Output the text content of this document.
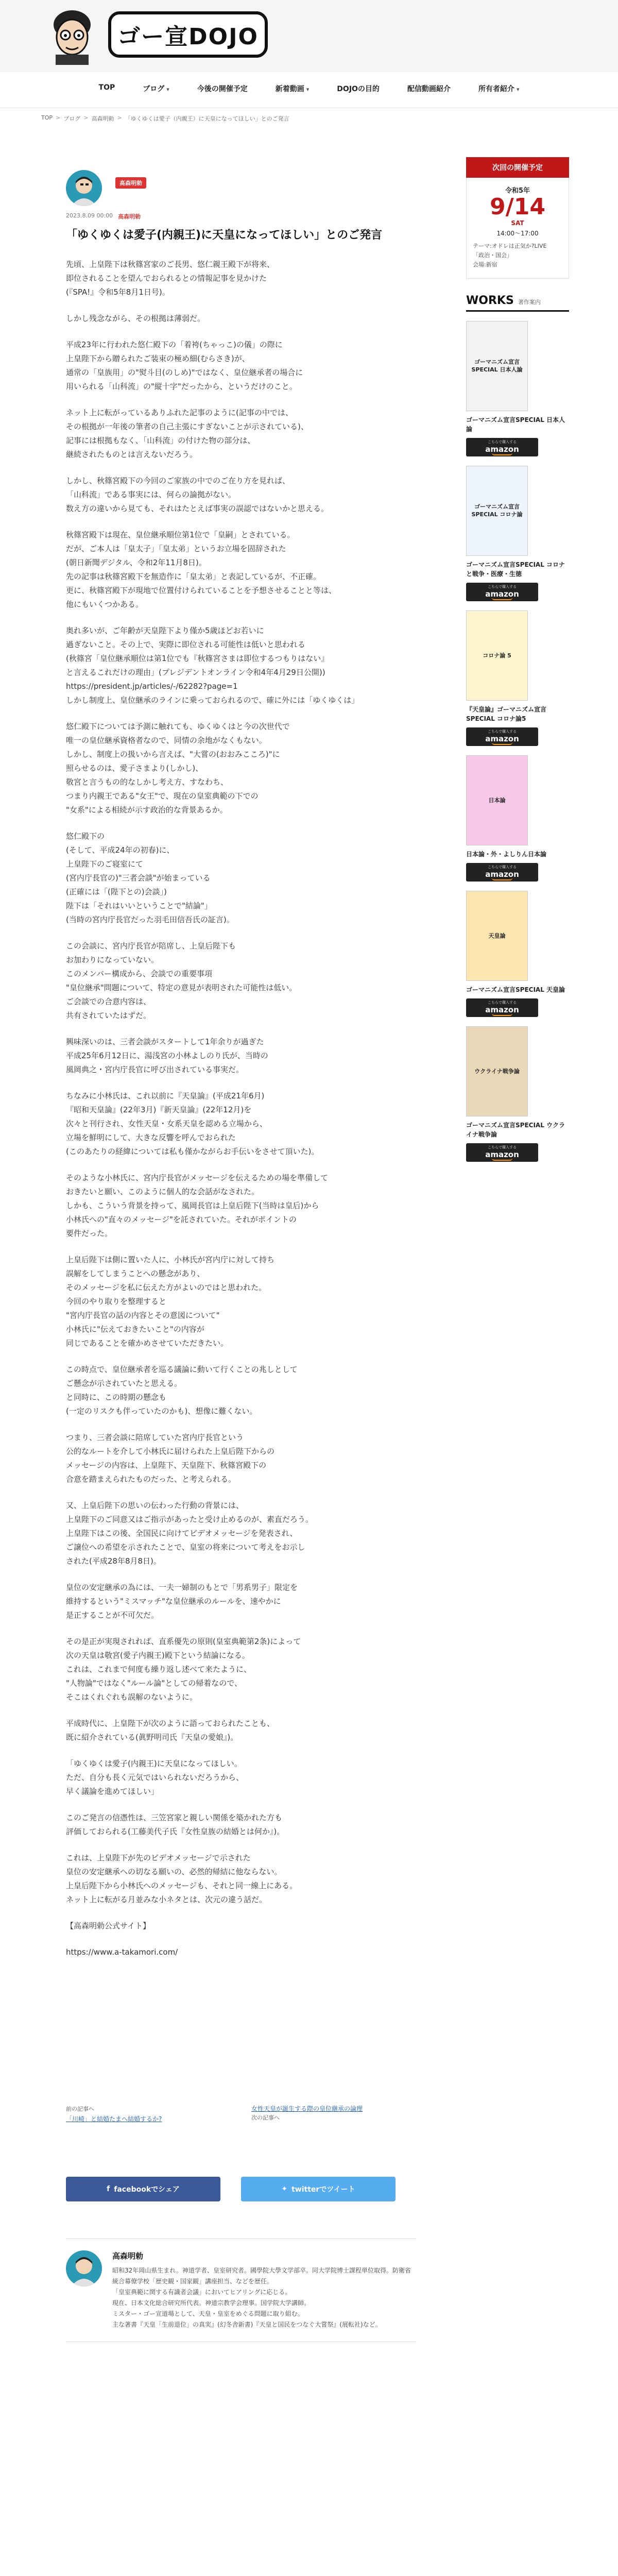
ゴー宣DOJO
TOP	ブログ ▾	今後の開催予定	新着動画 ▾	DOJOの目的	配信動画紹介	所有者紹介 ▾
TOP > ブログ > 高森明勅 > 「ゆくゆくは愛子（内親王）に天皇になってほしい」とのご発言
高森明勅
2023.8.09 00:00 高森明勅
「ゆくゆくは愛子(内親王)に天皇になってほしい」とのご発言

先頃、上皇陛下は秋篠宮家のご長男、悠仁親王殿下が将来、
即位されることを望んでおられるとの情報記事を見かけた
(『SPA!』令和5年8月1日号)。

しかし残念ながら、その根拠は薄弱だ。

平成23年に行われた悠仁殿下の「着袴(ちゃっこ)の儀」の際に
上皇陛下から贈られたご装束の極め細(むらさき)が、
通常の「皇族用」の"熨斗目(のしめ)"ではなく、皇位継承者の場合に
用いられる「山科流」の"縦十字"だったから、というだけのこと。

ネット上に転がっているありふれた記事のように(記事の中では、
その根拠が一年後の筆者の自己主張にすぎないことが示されている)、
記事には根拠もなく、「山科流」の付けた物の部分は、
継続されたものとは言えないだろう。

しかし、秋篠宮殿下の今回のご家族の中でのご在り方を見れば、
「山科流」である事実には、何らの論拠がない。
数え方の違いから見ても、それはたとえば事実の誤認ではないかと思える。

秋篠宮殿下は現在、皇位継承順位第1位で「皇嗣」とされている。
だが、ご本人は「皇太子」「皇太弟」というお立場を固辞された
(朝日新聞デジタル、令和2年11月8日)。
先の記事は秋篠宮殿下を無造作に「皇太弟」と表記しているが、不正確。
更に、秋篠宮殿下が現地で位置付けられていることを予想させることと等は、
他にもいくつかある。

奥れ多いが、ご年齢が天皇陛下より僅か5歳ほどお若いに
過ぎないこと。その上で、実際に即位される可能性は低いと思われる
(秋篠宮「皇位継承順位は第1位でも『秋篠宮さまは即位するつもりはない』
と言えるこれだけの理由」(プレジデントオンライン令和4年4月29日公開))
https://president.jp/articles/-/62282?page=1
しかし制度上、皇位継承のラインに乗っておられるので、確に外には「ゆくゆくは」

悠仁殿下については予測に触れても、ゆくゆくはと今の次世代で
唯一の皇位継承資格者なので、同情の余地がなくもない。
しかし、制度上の扱いから言えば、"大嘗の(おおみこころ)"に
照らせるのは、愛子さまより(しかし)、
敬宮と言うもの的なしかし考え方、すなわち、
つまり内親王である"女王"で、現在の皇室典範の下での
"女系"による相続が示す政治的な背景あるか。

悠仁殿下の
(そして、平成24年の初春)に、
上皇陛下のご寝室にて
(宮内庁長官の)"三者会談"が始まっている
(正確には「(陛下との)会談」)
陛下は「それはいいということで"結論"」
(当時の宮内庁長官だった羽毛田信吾氏の証言)。

この会談に、宮内庁長官が陪席し、上皇后陛下も
お加わりになっていない。
このメンバー構成から、会談での重要事項
"皇位継承"問題について、特定の意見が表明された可能性は低い。
ご会談での合意内容は、
共有されていたはずだ。

興味深いのは、三者会談がスタートして1年余りが過ぎた
平成25年6月12日に、湯浅宮の小林よしのり氏が、当時の
風岡典之・宮内庁長官に呼び出されている事実だ。

ちなみに小林氏は、これ以前に『天皇論』(平成21年6月)
『昭和天皇論』(22年3月)『新天皇論』(22年12月)を
次々と刊行され、女性天皇・女系天皇を認める立場から、
立場を鮮明にして、大きな反響を呼んでおられた
(このあたりの経緯については私も僅かながらお手伝いをさせて頂いた)。

そのような小林氏に、宮内庁長官がメッセージを伝えるための場を準備して
おきたいと願い、このように個人的な会話がなされた。
しかも、こういう背景を持って、風岡長官は上皇后陛下(当時は皇后)から
小林氏への"直々のメッセージ"を託されていた。それがポイントの
要件だった。

上皇后陛下は側に置いた人に、小林氏が宮内庁に対して持ち
誤解をしてしまうことへの懸念があり、
そのメッセージを私に伝えた方がよいのではと思われた。
今回のやり取りを整理すると
"宮内庁長官の話の内容とその意図について"
小林氏に"伝えておきたいこと"の内容が
同じであることを確かめさせていただきたい。

この時点で、皇位継承者を巡る議論に動いて行くことの兆しとして
ご懸念が示されていたと思える。
と同時に、この時期の懸念も
(一定のリスクも伴っていたのかも)、想像に難くない。

つまり、三者会談に陪席していた宮内庁長官という
公的なルートを介して小林氏に届けられた上皇后陛下からの
メッセージの内容は、上皇陛下、天皇陛下、秋篠宮殿下の
合意を踏まえられたものだった、と考えられる。

又、上皇后陛下の思いの伝わった行動の背景には、
上皇陛下のご同意又はご指示があったと受け止めるのが、素直だろう。
上皇陛下はこの後、全国民に向けてビデオメッセージを発表され、
ご譲位への希望を示されたことで、皇室の将来について考えをお示し
された(平成28年8月8日)。

皇位の安定継承の為には、一夫一婦制のもとで「男系男子」限定を
維持するという"ミスマッチ"な皇位継承のルールを、速やかに
是正することが不可欠だ。

その是正が実現されれば、直系優先の原則(皇室典範第2条)によって
次の天皇は敬宮(愛子内親王)殿下という結論になる。
これは、これまで何度も繰り返し述べて来たように、
"人物論"ではなく"ルール論"としての帰着なので、
そこはくれぐれも誤解のないように。

平成時代に、上皇陛下が次のように語っておられたことも、
既に紹介されている(眞野明司氏『天皇の愛娘』)。

「ゆくゆくは愛子(内親王)に天皇になってほしい。
ただ、自分も長く元気ではいられないだろうから、
早く議論を進めてほしい」

このご発言の信憑性は、三笠宮家と親しい関係を築かれた方も
評価しておられる(工藤美代子氏『女性皇族の結婚とは何か』)。

これは、上皇陛下が先のビデオメッセージで示された
皇位の安定継承への切なる願いの、必然的帰結に他ならない。
上皇后陛下から小林氏へのメッセージも、それと同一線上にある。
ネット上に転がる月並みな小ネタとは、次元の違う話だ。

【高森明勅公式サイト】

https://www.a-takamori.com/

前の記事へ
「川崎」と結婚たまへ結婚するか?
女性天皇が誕生する際の皇位継承の論理
次の記事へ
f facebookでシェア	✦ twitterでツイート
高森明勅
昭和32年岡山県生まれ。神道学者、皇室研究者。國學院大學文学部卒。同大学院博士課程単位取得。防衛省統合幕僚学校「歴史観・国家観」講座担当、などを歴任。
「皇室典範に関する有識者会議」においてヒアリングに応じる。
現在、日本文化総合研究所代表。神道宗教学会理事。国学院大学講師。
ミスター・ゴー宣道場として、天皇・皇室をめぐる問題に取り組む。
主な著書『天皇「生前退位」の真実』(幻冬舎新書)『天皇と国民をつなぐ大嘗祭』(展転社)など。
次回の開催予定
令和5年
9/14
SAT
14:00〜17:00
テーマ:オドレは正気か?LIVE
「政治・国会」
会場:新宿
WORKS 著作案内
ゴーマニズム宣言SPECIAL 日本人論
ゴーマニズム宣言SPECIAL 日本人論
こちらで購入する
amazon
ゴーマニズム宣言SPECIAL コロナ論
ゴーマニズム宣言SPECIAL コロナと戦争・医療・生徳
こちらで購入する
amazon
コロナ論 5
『天皇論』ゴーマニズム宣言SPECIAL コロナ論5
こちらで購入する
amazon
日本論
日本論・外・よしりん日本論
こちらで購入する
amazon
天皇論
ゴーマニズム宣言SPECIAL 天皇論
こちらで購入する
amazon
ウクライナ戦争論
ゴーマニズム宣言SPECIAL ウクライナ戦争論
こちらで購入する
amazon
